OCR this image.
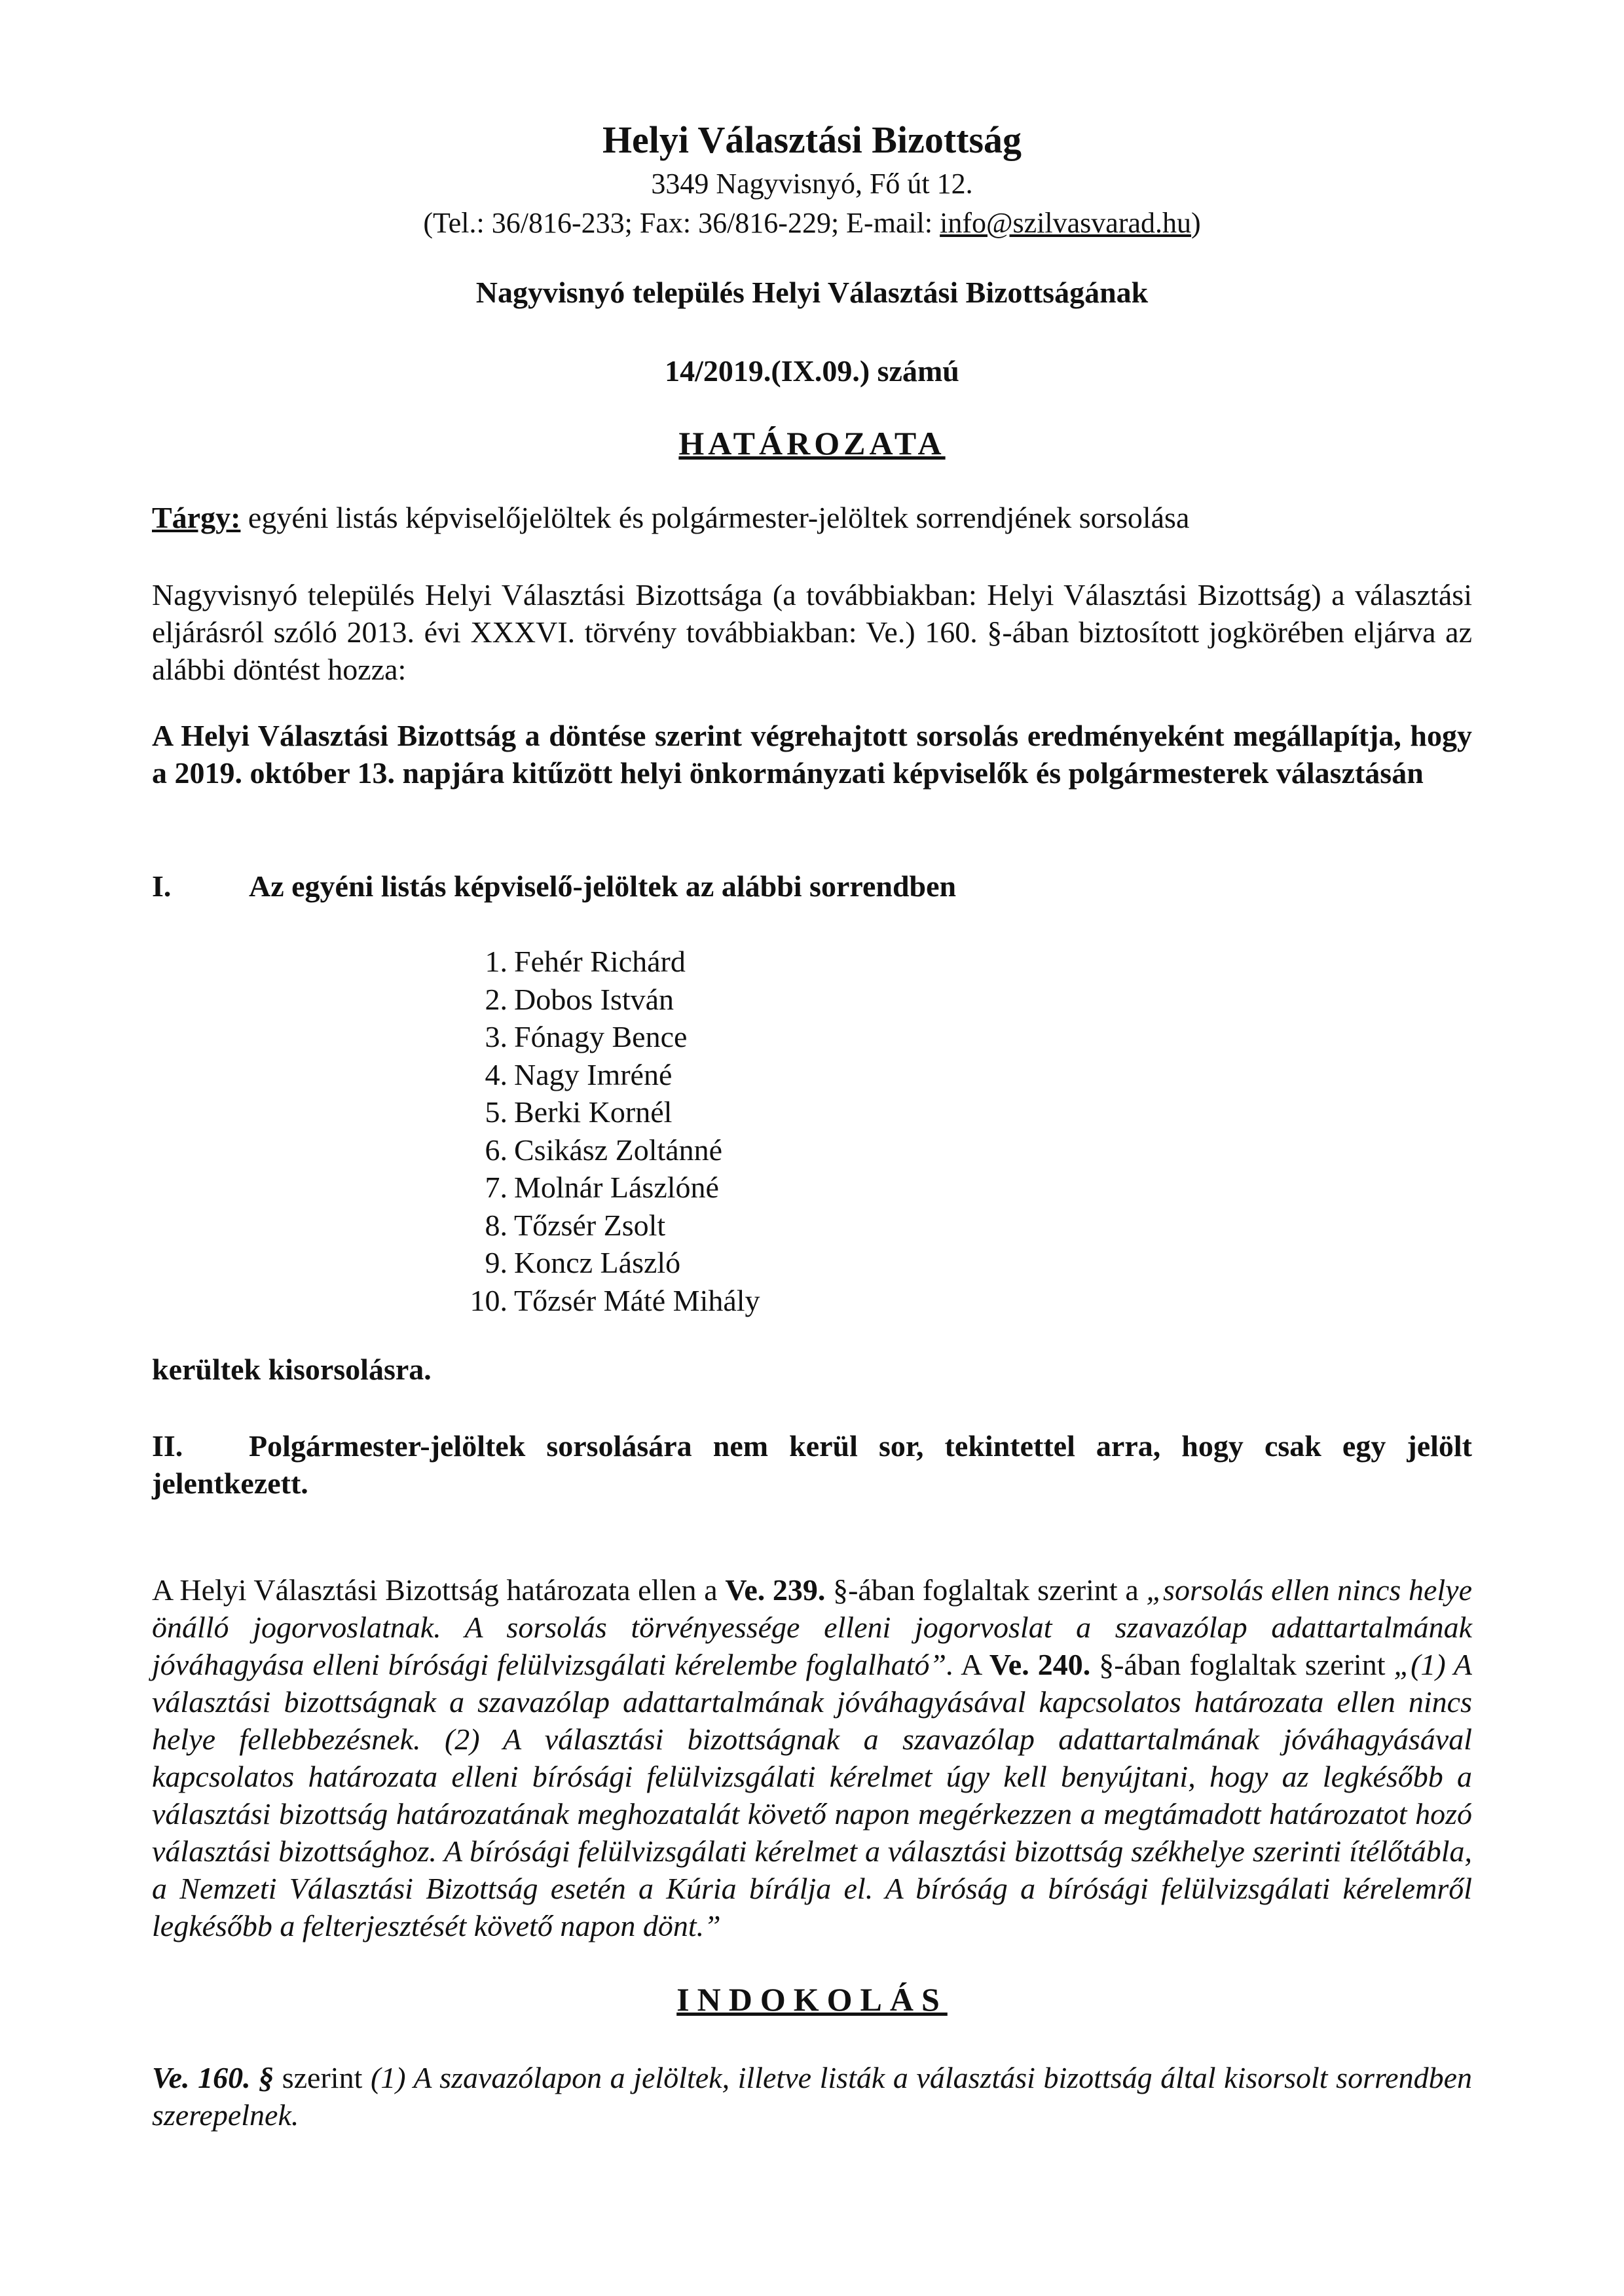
Helyi Választási Bizottság
3349 Nagyvisnyó, Fő út 12.
(Tel.: 36/816-233; Fax: 36/816-229; E-mail: info@szilvasvarad.hu)
Nagyvisnyó település Helyi Választási Bizottságának
14/2019.(IX.09.) számú
HATÁROZATA
Tárgy: egyéni listás képviselőjelöltek és polgármester-jelöltek sorrendjének sorsolása
Nagyvisnyó település Helyi Választási Bizottsága (a továbbiakban: Helyi Választási Bizottság) a választási eljárásról szóló 2013. évi XXXVI. törvény továbbiakban: Ve.) 160. §-ában biztosított jogkörében eljárva az alábbi döntést hozza:
A Helyi Választási Bizottság a döntése szerint végrehajtott sorsolás eredményeként megállapítja, hogy a 2019. október 13. napjára kitűzött helyi önkormányzati képviselők és polgármesterek választásán
I.	Az egyéni listás képviselő-jelöltek az alábbi sorrendben
1. Fehér Richárd
2. Dobos István
3. Fónagy Bence
4. Nagy Imréné
5. Berki Kornél
6. Csikász Zoltánné
7. Molnár Lászlóné
8. Tőzsér Zsolt
9. Koncz László
10. Tőzsér Máté Mihály
kerültek kisorsolásra.
II. Polgármester-jelöltek sorsolására nem kerül sor, tekintettel arra, hogy csak egy jelölt jelentkezett.
A Helyi Választási Bizottság határozata ellen a Ve. 239. §-ában foglaltak szerint a „sorsolás ellen nincs helye önálló jogorvoslatnak. A sorsolás törvényessége elleni jogorvoslat a szavazólap adattartalmának jóváhagyása elleni bírósági felülvizsgálati kérelembe foglalható”. A Ve. 240. §-ában foglaltak szerint „(1) A választási bizottságnak a szavazólap adattartalmának jóváhagyásával kapcsolatos határozata ellen nincs helye fellebbezésnek. (2) A választási bizottságnak a szavazólap adattartalmának jóváhagyásával kapcsolatos határozata elleni bírósági felülvizsgálati kérelmet úgy kell benyújtani, hogy az legkésőbb a választási bizottság határozatának meghozatalát követő napon megérkezzen a megtámadott határozatot hozó választási bizottsághoz. A bírósági felülvizsgálati kérelmet a választási bizottság székhelye szerinti ítélőtábla, a Nemzeti Választási Bizottság esetén a Kúria bírálja el. A bíróság a bírósági felülvizsgálati kérelemről legkésőbb a felterjesztését követő napon dönt.”
INDOKOLÁS
Ve. 160. § szerint (1) A szavazólapon a jelöltek, illetve listák a választási bizottság által kisorsolt sorrendben szerepelnek.
